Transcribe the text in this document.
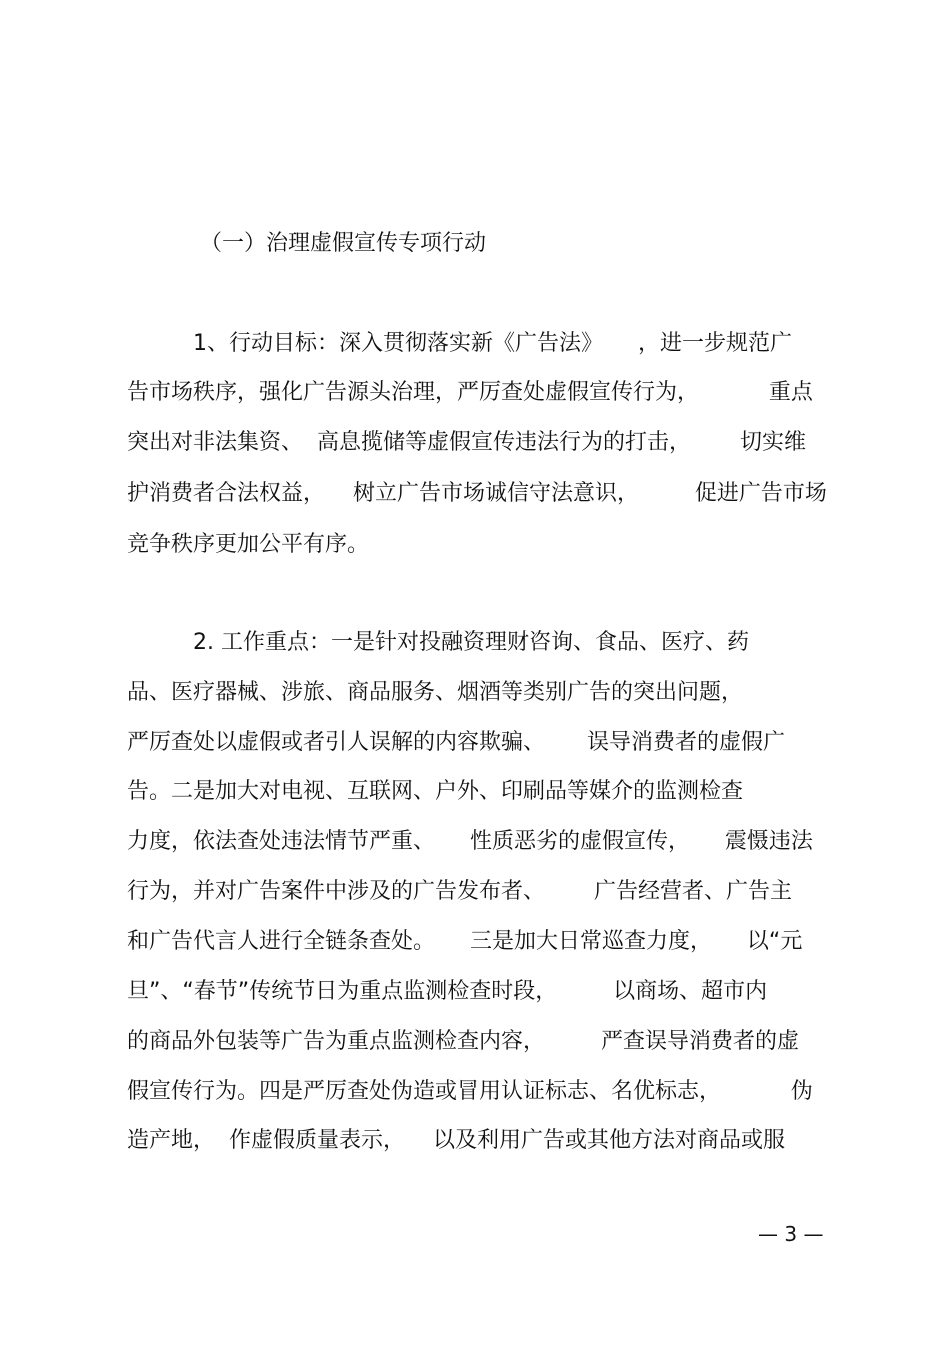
（一）治理虚假宣传专项行动

1、行动目标：深入贯彻落实新《广告法》     ，进一步规范广

告市场秩序，强化广告源头治理，严厉查处虚假宣传行为，          重点

突出对非法集资、  高息揽储等虚假宣传违法行为的打击，       切实维

护消费者合法权益，    树立广告市场诚信守法意识，        促进广告市场

竞争秩序更加公平有序。

2. 工作重点：一是针对投融资理财咨询、食品、医疗、药

品、医疗器械、涉旅、商品服务、烟酒等类别广告的突出问题，

严厉查处以虚假或者引人误解的内容欺骗、      误导消费者的虚假广

告。二是加大对电视、互联网、户外、印刷品等媒介的监测检查

力度，依法查处违法情节严重、     性质恶劣的虚假宣传，     震慑违法

行为，并对广告案件中涉及的广告发布者、       广告经营者、广告主

和广告代言人进行全链条查处。     三是加大日常巡查力度，     以“元

旦”、“春节”传统节日为重点监测检查时段，        以商场、超市内

的商品外包装等广告为重点监测检查内容，        严查误导消费者的虚

假宣传行为。四是严厉查处伪造或冒用认证标志、名优标志，          伪

造产地，  作虚假质量表示，    以及利用广告或其他方法对商品或服

— 3 —
